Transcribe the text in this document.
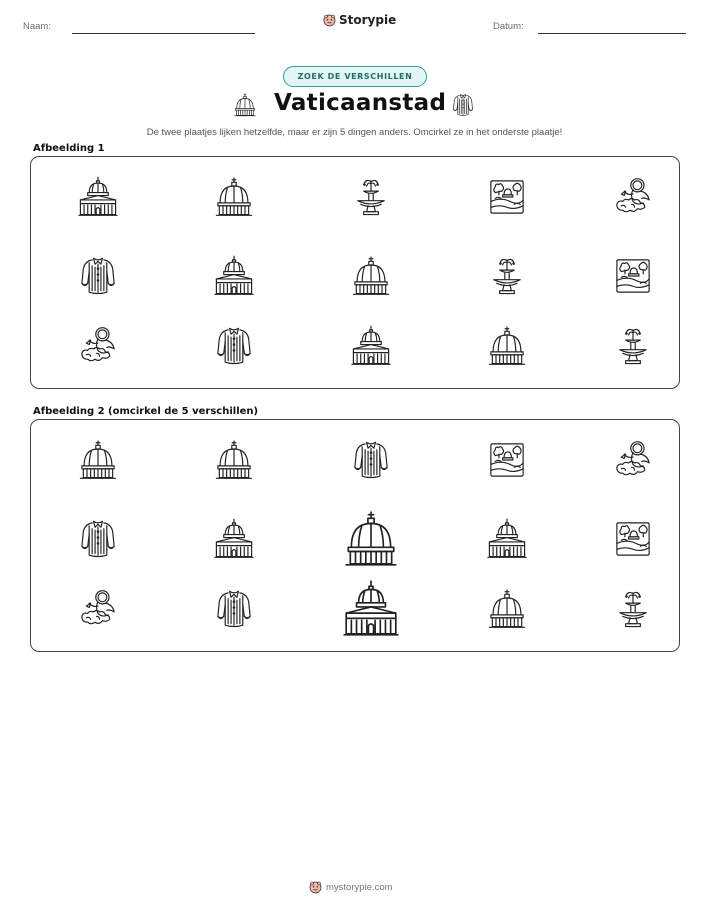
Naam:	Storypie	Datum:
ZOEK DE VERSCHILLEN
Vaticaanstad
De twee plaatjes lijken hetzelfde, maar er zijn 5 dingen anders. Omcirkel ze in het onderste plaatje!
Afbeelding 1
Afbeelding 2 (omcirkel de 5 verschillen)
mystorypie.com
